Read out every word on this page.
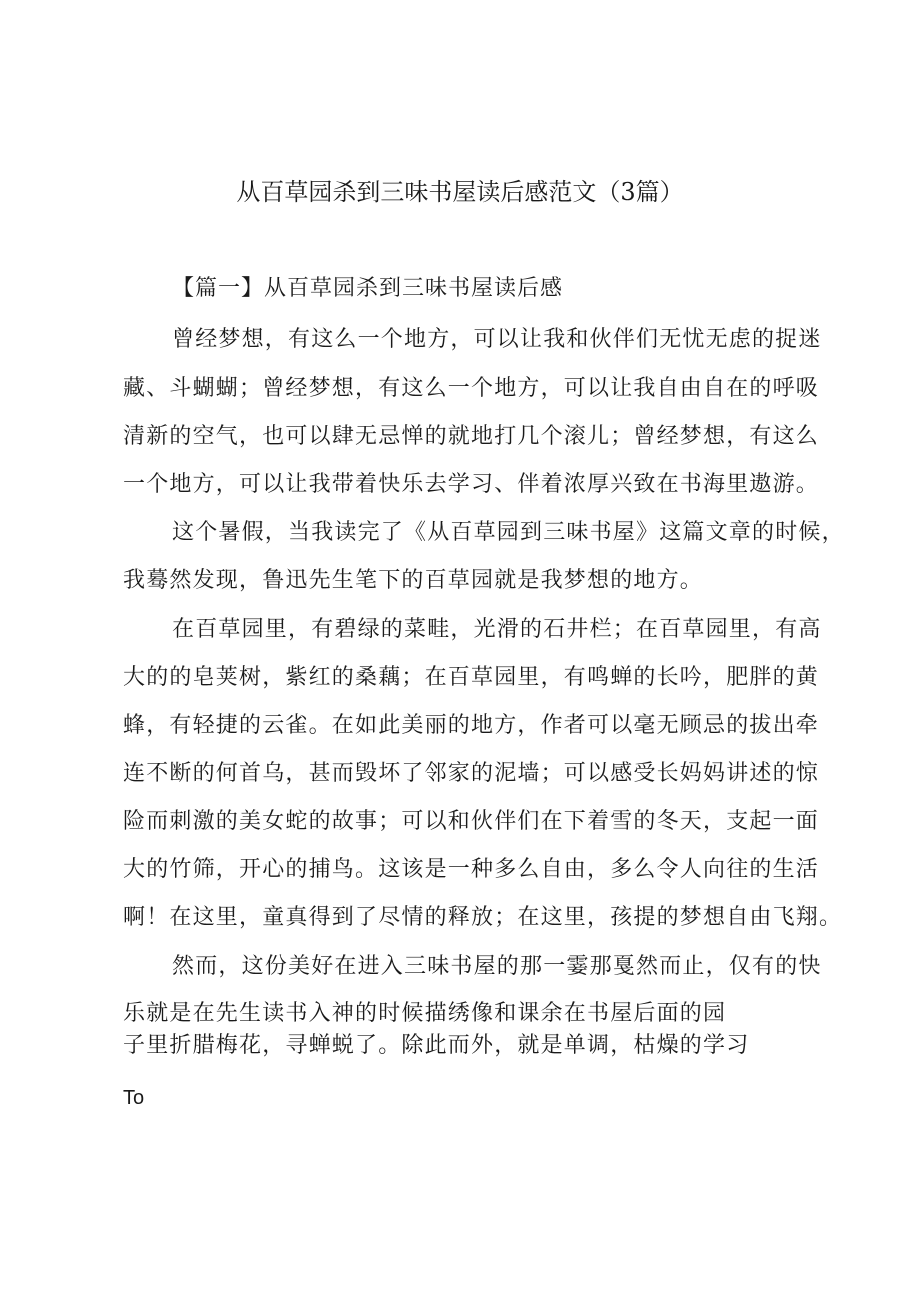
从百草园杀到三味书屋读后感范文（3篇）
【篇一】从百草园杀到三味书屋读后感
曾经梦想，有这么一个地方，可以让我和伙伴们无忧无虑的捉迷
藏、斗蝴蝴；曾经梦想，有这么一个地方，可以让我自由自在的呼吸
清新的空气，也可以肆无忌惮的就地打几个滚儿；曾经梦想，有这么
一个地方，可以让我带着快乐去学习、伴着浓厚兴致在书海里遨游。
这个暑假，当我读完了《从百草园到三味书屋》这篇文章的时候，
我蓦然发现，鲁迅先生笔下的百草园就是我梦想的地方。
在百草园里，有碧绿的菜畦，光滑的石井栏；在百草园里，有高
大的的皂荚树，紫红的桑藕；在百草园里，有鸣蝉的长吟，肥胖的黄
蜂，有轻捷的云雀。在如此美丽的地方，作者可以毫无顾忌的拔出牵
连不断的何首乌，甚而毁坏了邻家的泥墙；可以感受长妈妈讲述的惊
险而刺激的美女蛇的故事；可以和伙伴们在下着雪的冬天，支起一面
大的竹筛，开心的捕鸟。这该是一种多么自由，多么令人向往的生活
啊！在这里，童真得到了尽情的释放；在这里，孩提的梦想自由飞翔。
然而，这份美好在进入三味书屋的那一霎那戛然而止，仅有的快
乐就是在先生读书入神的时候描绣像和课余在书屋后面的园
子里折腊梅花，寻蝉蜕了。除此而外，就是单调，枯燥的学习
To
